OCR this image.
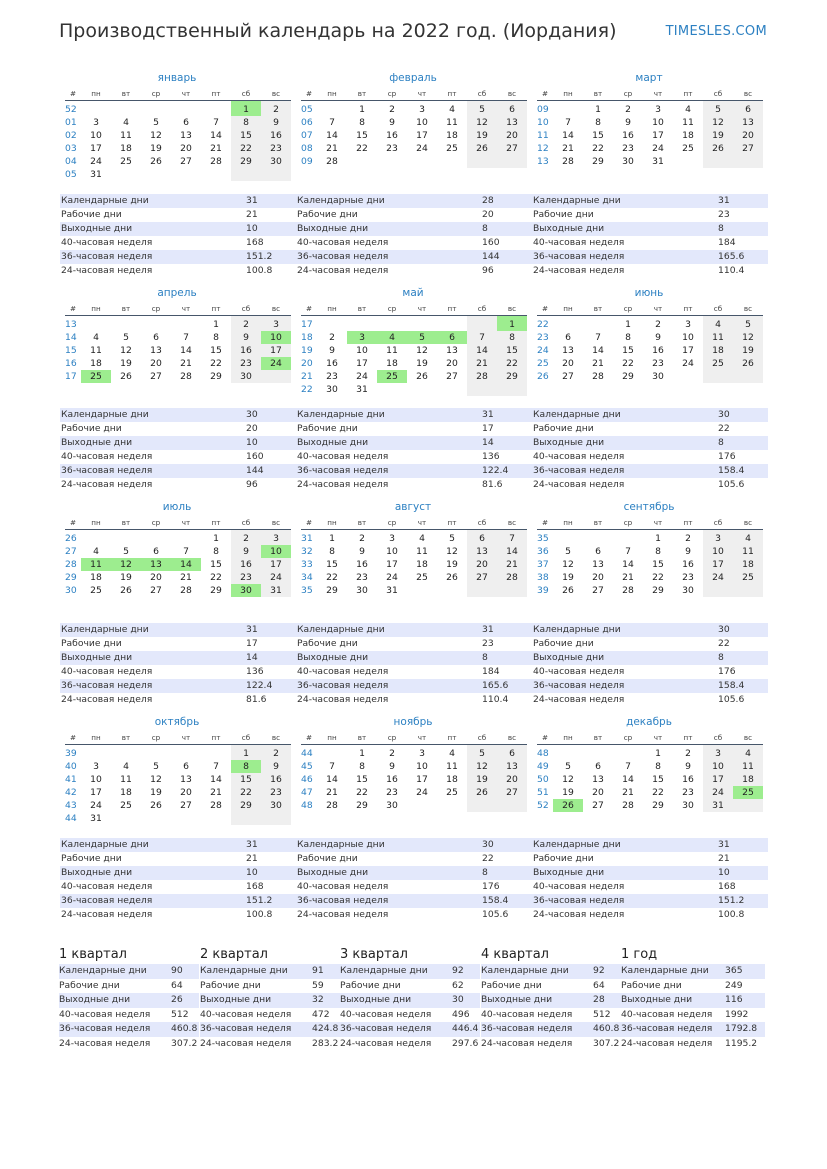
Производственный календарь на 2022 год. (Иордания)	TIMESLES.COM
январь
#	пн	вт	ср	чт	пт	сб	вс
52						1	2
01	3	4	5	6	7	8	9
02	10	11	12	13	14	15	16
03	17	18	19	20	21	22	23
04	24	25	26	27	28	29	30
05	31						
Календарные дни	31
Рабочие дни	21
Выходные дни	10
40-часовая неделя	168
36-часовая неделя	151.2
24-часовая неделя	100.8
февраль
#	пн	вт	ср	чт	пт	сб	вс
05		1	2	3	4	5	6
06	7	8	9	10	11	12	13
07	14	15	16	17	18	19	20
08	21	22	23	24	25	26	27
09	28						
Календарные дни	28
Рабочие дни	20
Выходные дни	8
40-часовая неделя	160
36-часовая неделя	144
24-часовая неделя	96
март
#	пн	вт	ср	чт	пт	сб	вс
09		1	2	3	4	5	6
10	7	8	9	10	11	12	13
11	14	15	16	17	18	19	20
12	21	22	23	24	25	26	27
13	28	29	30	31			
Календарные дни	31
Рабочие дни	23
Выходные дни	8
40-часовая неделя	184
36-часовая неделя	165.6
24-часовая неделя	110.4
апрель
#	пн	вт	ср	чт	пт	сб	вс
13					1	2	3
14	4	5	6	7	8	9	10
15	11	12	13	14	15	16	17
16	18	19	20	21	22	23	24
17	25	26	27	28	29	30	
Календарные дни	30
Рабочие дни	20
Выходные дни	10
40-часовая неделя	160
36-часовая неделя	144
24-часовая неделя	96
май
#	пн	вт	ср	чт	пт	сб	вс
17							1
18	2	3	4	5	6	7	8
19	9	10	11	12	13	14	15
20	16	17	18	19	20	21	22
21	23	24	25	26	27	28	29
22	30	31					
Календарные дни	31
Рабочие дни	17
Выходные дни	14
40-часовая неделя	136
36-часовая неделя	122.4
24-часовая неделя	81.6
июнь
#	пн	вт	ср	чт	пт	сб	вс
22			1	2	3	4	5
23	6	7	8	9	10	11	12
24	13	14	15	16	17	18	19
25	20	21	22	23	24	25	26
26	27	28	29	30			
Календарные дни	30
Рабочие дни	22
Выходные дни	8
40-часовая неделя	176
36-часовая неделя	158.4
24-часовая неделя	105.6
июль
#	пн	вт	ср	чт	пт	сб	вс
26					1	2	3
27	4	5	6	7	8	9	10
28	11	12	13	14	15	16	17
29	18	19	20	21	22	23	24
30	25	26	27	28	29	30	31
Календарные дни	31
Рабочие дни	17
Выходные дни	14
40-часовая неделя	136
36-часовая неделя	122.4
24-часовая неделя	81.6
август
#	пн	вт	ср	чт	пт	сб	вс
31	1	2	3	4	5	6	7
32	8	9	10	11	12	13	14
33	15	16	17	18	19	20	21
34	22	23	24	25	26	27	28
35	29	30	31				
Календарные дни	31
Рабочие дни	23
Выходные дни	8
40-часовая неделя	184
36-часовая неделя	165.6
24-часовая неделя	110.4
сентябрь
#	пн	вт	ср	чт	пт	сб	вс
35				1	2	3	4
36	5	6	7	8	9	10	11
37	12	13	14	15	16	17	18
38	19	20	21	22	23	24	25
39	26	27	28	29	30		
Календарные дни	30
Рабочие дни	22
Выходные дни	8
40-часовая неделя	176
36-часовая неделя	158.4
24-часовая неделя	105.6
октябрь
#	пн	вт	ср	чт	пт	сб	вс
39						1	2
40	3	4	5	6	7	8	9
41	10	11	12	13	14	15	16
42	17	18	19	20	21	22	23
43	24	25	26	27	28	29	30
44	31						
Календарные дни	31
Рабочие дни	21
Выходные дни	10
40-часовая неделя	168
36-часовая неделя	151.2
24-часовая неделя	100.8
ноябрь
#	пн	вт	ср	чт	пт	сб	вс
44		1	2	3	4	5	6
45	7	8	9	10	11	12	13
46	14	15	16	17	18	19	20
47	21	22	23	24	25	26	27
48	28	29	30				
Календарные дни	30
Рабочие дни	22
Выходные дни	8
40-часовая неделя	176
36-часовая неделя	158.4
24-часовая неделя	105.6
декабрь
#	пн	вт	ср	чт	пт	сб	вс
48				1	2	3	4
49	5	6	7	8	9	10	11
50	12	13	14	15	16	17	18
51	19	20	21	22	23	24	25
52	26	27	28	29	30	31	
Календарные дни	31
Рабочие дни	21
Выходные дни	10
40-часовая неделя	168
36-часовая неделя	151.2
24-часовая неделя	100.8
1 квартал
Календарные дни	90
Рабочие дни	64
Выходные дни	26
40-часовая неделя	512
36-часовая неделя	460.8
24-часовая неделя	307.2
2 квартал
Календарные дни	91
Рабочие дни	59
Выходные дни	32
40-часовая неделя	472
36-часовая неделя	424.8
24-часовая неделя	283.2
3 квартал
Календарные дни	92
Рабочие дни	62
Выходные дни	30
40-часовая неделя	496
36-часовая неделя	446.4
24-часовая неделя	297.6
4 квартал
Календарные дни	92
Рабочие дни	64
Выходные дни	28
40-часовая неделя	512
36-часовая неделя	460.8
24-часовая неделя	307.2
1 год
Календарные дни	365
Рабочие дни	249
Выходные дни	116
40-часовая неделя	1992
36-часовая неделя	1792.8
24-часовая неделя	1195.2
